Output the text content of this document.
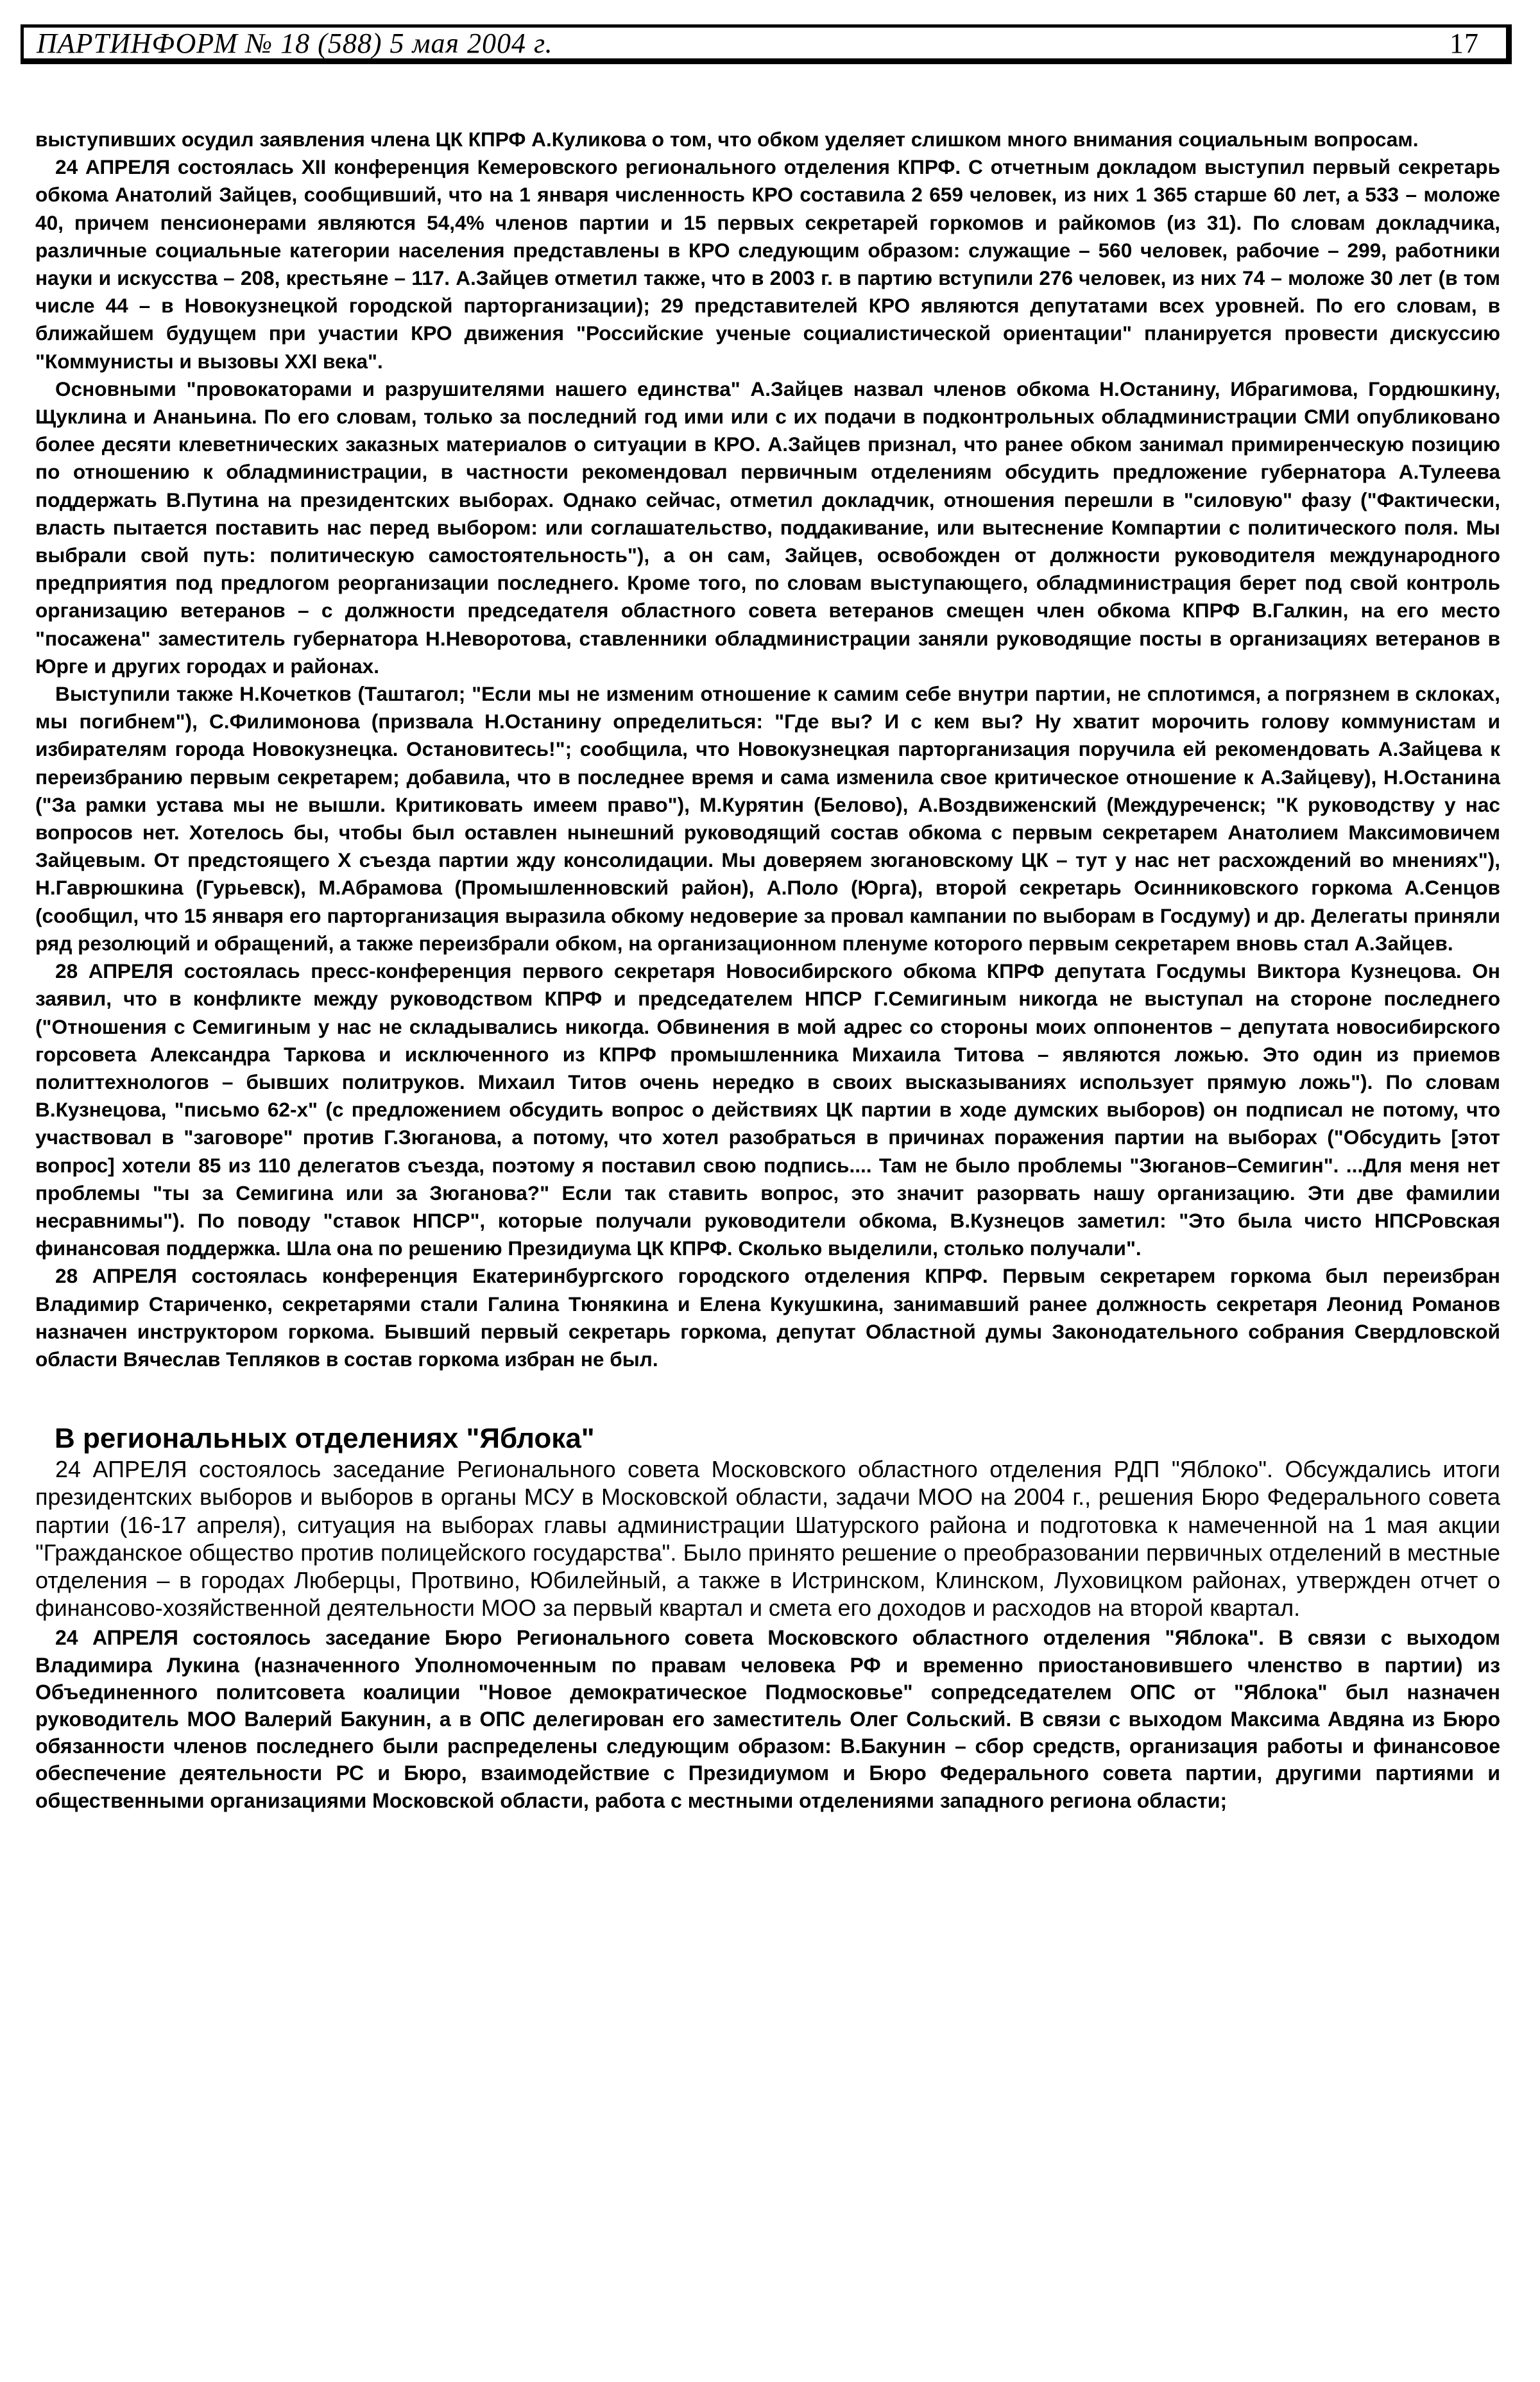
ПАРТИНФОРМ № 18 (588) 5 мая 2004 г.	17

выступивших осудил заявления члена ЦК КПРФ А.Куликова о том, что обком уделяет слишком много внимания социальным вопросам.

24 АПРЕЛЯ состоялась XII конференция Кемеровского регионального отделения КПРФ. С отчетным докладом выступил первый секретарь обкома Анатолий Зайцев, сообщивший, что на 1 января численность КРО составила 2 659 человек, из них 1 365 старше 60 лет, а 533 – моложе 40, причем пенсионерами являются 54,4% членов партии и 15 первых секретарей горкомов и райкомов (из 31). По словам докладчика, различные социальные категории населения представлены в КРО следующим образом: служащие – 560 человек, рабочие – 299, работники науки и искусства – 208, крестьяне – 117. А.Зайцев отметил также, что в 2003 г. в партию вступили 276 человек, из них 74 – моложе 30 лет (в том числе 44 – в Новокузнецкой городской парторганизации); 29 представителей КРО являются депутатами всех уровней. По его словам, в ближайшем будущем при участии КРО движения "Российские ученые социалистической ориентации" планируется провести дискуссию "Коммунисты и вызовы XXI века".

Основными "провокаторами и разрушителями нашего единства" А.Зайцев назвал членов обкома Н.Останину, Ибрагимова, Гордюшкину, Щуклина и Ананьина. По его словам, только за последний год ими или с их подачи в подконтрольных обладминистрации СМИ опубликовано более десяти клеветнических заказных материалов о ситуации в КРО. А.Зайцев признал, что ранее обком занимал примиренческую позицию по отношению к обладминистрации, в частности рекомендовал первичным отделениям обсудить предложение губернатора А.Тулеева поддержать В.Путина на президентских выборах. Однако сейчас, отметил докладчик, отношения перешли в "силовую" фазу ("Фактически, власть пытается поставить нас перед выбором: или соглашательство, поддакивание, или вытеснение Компартии с политического поля. Мы выбрали свой путь: политическую самостоятельность"), а он сам, Зайцев, освобожден от должности руководителя международного предприятия под предлогом реорганизации последнего. Кроме того, по словам выступающего, обладминистрация берет под свой контроль организацию ветеранов – с должности председателя областного совета ветеранов смещен член обкома КПРФ В.Галкин, на его место "посажена" заместитель губернатора Н.Неворотова, ставленники обладминистрации заняли руководящие посты в организациях ветеранов в Юрге и других городах и районах.

Выступили также Н.Кочетков (Таштагол; "Если мы не изменим отношение к самим себе внутри партии, не сплотимся, а погрязнем в склоках, мы погибнем"), С.Филимонова (призвала Н.Останину определиться: "Где вы? И с кем вы? Ну хватит морочить голову коммунистам и избирателям города Новокузнецка. Остановитесь!"; сообщила, что Новокузнецкая парторганизация поручила ей рекомендовать А.Зайцева к переизбранию первым секретарем; добавила, что в последнее время и сама изменила свое критическое отношение к А.Зайцеву), Н.Останина ("За рамки устава мы не вышли. Критиковать имеем право"), М.Курятин (Белово), А.Воздвиженский (Междуреченск; "К руководству у нас вопросов нет. Хотелось бы, чтобы был оставлен нынешний руководящий состав обкома с первым секретарем Анатолием Максимовичем Зайцевым. От предстоящего X съезда партии жду консолидации. Мы доверяем зюгановскому ЦК – тут у нас нет расхождений во мнениях"), Н.Гаврюшкина (Гурьевск), М.Абрамова (Промышленновский район), А.Поло (Юрга), второй секретарь Осинниковского горкома А.Сенцов (сообщил, что 15 января его парторганизация выразила обкому недоверие за провал кампании по выборам в Госдуму) и др. Делегаты приняли ряд резолюций и обращений, а также переизбрали обком, на организационном пленуме которого первым секретарем вновь стал А.Зайцев.

28 АПРЕЛЯ состоялась пресс-конференция первого секретаря Новосибирского обкома КПРФ депутата Госдумы Виктора Кузнецова. Он заявил, что в конфликте между руководством КПРФ и председателем НПСР Г.Семигиным никогда не выступал на стороне последнего ("Отношения с Семигиным у нас не складывались никогда. Обвинения в мой адрес со стороны моих оппонентов – депутата новосибирского горсовета Александра Таркова и исключенного из КПРФ промышленника Михаила Титова – являются ложью. Это один из приемов политтехнологов – бывших политруков. Михаил Титов очень нередко в своих высказываниях использует прямую ложь"). По словам В.Кузнецова, "письмо 62-х" (с предложением обсудить вопрос о действиях ЦК партии в ходе думских выборов) он подписал не потому, что участвовал в "заговоре" против Г.Зюганова, а потому, что хотел разобраться в причинах поражения партии на выборах ("Обсудить [этот вопрос] хотели 85 из 110 делегатов съезда, поэтому я поставил свою подпись.... Там не было проблемы "Зюганов–Семигин". ...Для меня нет проблемы "ты за Семигина или за Зюганова?" Если так ставить вопрос, это значит разорвать нашу организацию. Эти две фамилии несравнимы"). По поводу "ставок НПСР", которые получали руководители обкома, В.Кузнецов заметил: "Это была чисто НПСРовская финансовая поддержка. Шла она по решению Президиума ЦК КПРФ. Сколько выделили, столько получали".

28 АПРЕЛЯ состоялась конференция Екатеринбургского городского отделения КПРФ. Первым секретарем горкома был переизбран Владимир Стариченко, секретарями стали Галина Тюнякина и Елена Кукушкина, занимавший ранее должность секретаря Леонид Романов назначен инструктором горкома. Бывший первый секретарь горкома, депутат Областной думы Законодательного собрания Свердловской области Вячеслав Тепляков в состав горкома избран не был.

В региональных отделениях "Яблока"

24 АПРЕЛЯ состоялось заседание Регионального совета Московского областного отделения РДП "Яблоко". Обсуждались итоги президентских выборов и выборов в органы МСУ в Московской области, задачи МОО на 2004 г., решения Бюро Федерального совета партии (16-17 апреля), ситуация на выборах главы администрации Шатурского района и подготовка к намеченной на 1 мая акции "Гражданское общество против полицейского государства". Было принято решение о преобразовании первичных отделений в местные отделения – в городах Люберцы, Протвино, Юбилейный, а также в Истринском, Клинском, Луховицком районах, утвержден отчет о финансово-хозяйственной деятельности МОО за первый квартал и смета его доходов и расходов на второй квартал.

24 АПРЕЛЯ состоялось заседание Бюро Регионального совета Московского областного отделения "Яблока". В связи с выходом Владимира Лукина (назначенного Уполномоченным по правам человека РФ и временно приостановившего членство в партии) из Объединенного политсовета коалиции "Новое демократическое Подмосковье" сопредседателем ОПС от "Яблока" был назначен руководитель МОО Валерий Бакунин, а в ОПС делегирован его заместитель Олег Сольский. В связи с выходом Максима Авдяна из Бюро обязанности членов последнего были распределены следующим образом: В.Бакунин – сбор средств, организация работы и финансовое обеспечение деятельности РС и Бюро, взаимодействие с Президиумом и Бюро Федерального совета партии, другими партиями и общественными организациями Московской области, работа с местными отделениями западного региона области;
